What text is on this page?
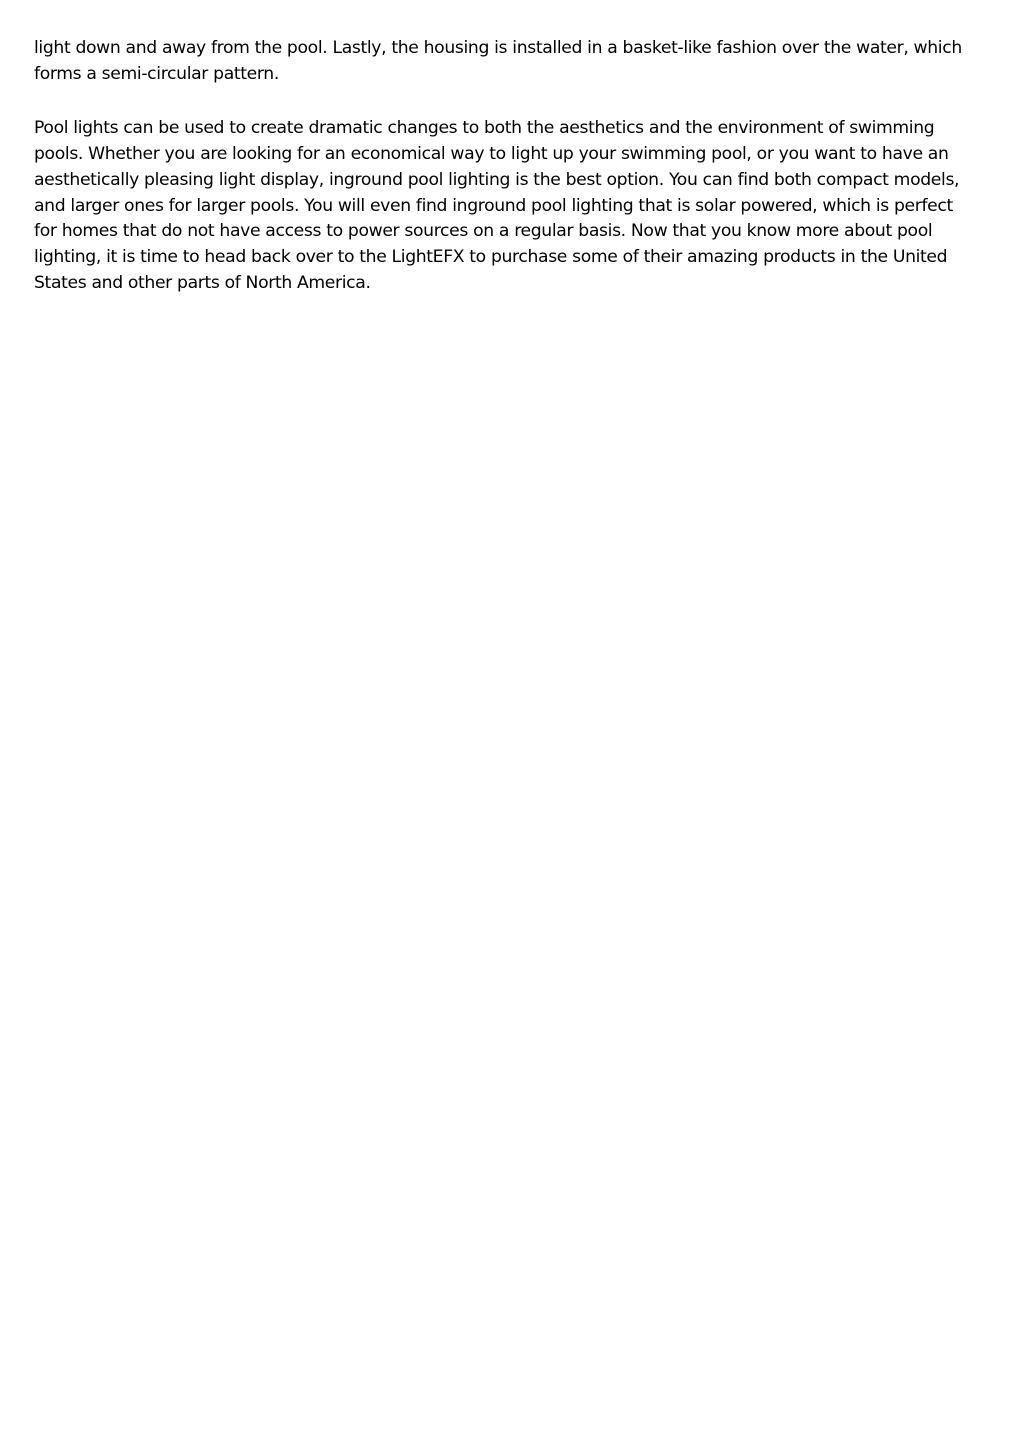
light down and away from the pool. Lastly, the housing is installed in a basket-like fashion over the water, which
forms a semi-circular pattern.

Pool lights can be used to create dramatic changes to both the aesthetics and the environment of swimming
pools. Whether you are looking for an economical way to light up your swimming pool, or you want to have an
aesthetically pleasing light display, inground pool lighting is the best option. You can find both compact models,
and larger ones for larger pools. You will even find inground pool lighting that is solar powered, which is perfect
for homes that do not have access to power sources on a regular basis. Now that you know more about pool
lighting, it is time to head back over to the LightEFX to purchase some of their amazing products in the United
States and other parts of North America.
